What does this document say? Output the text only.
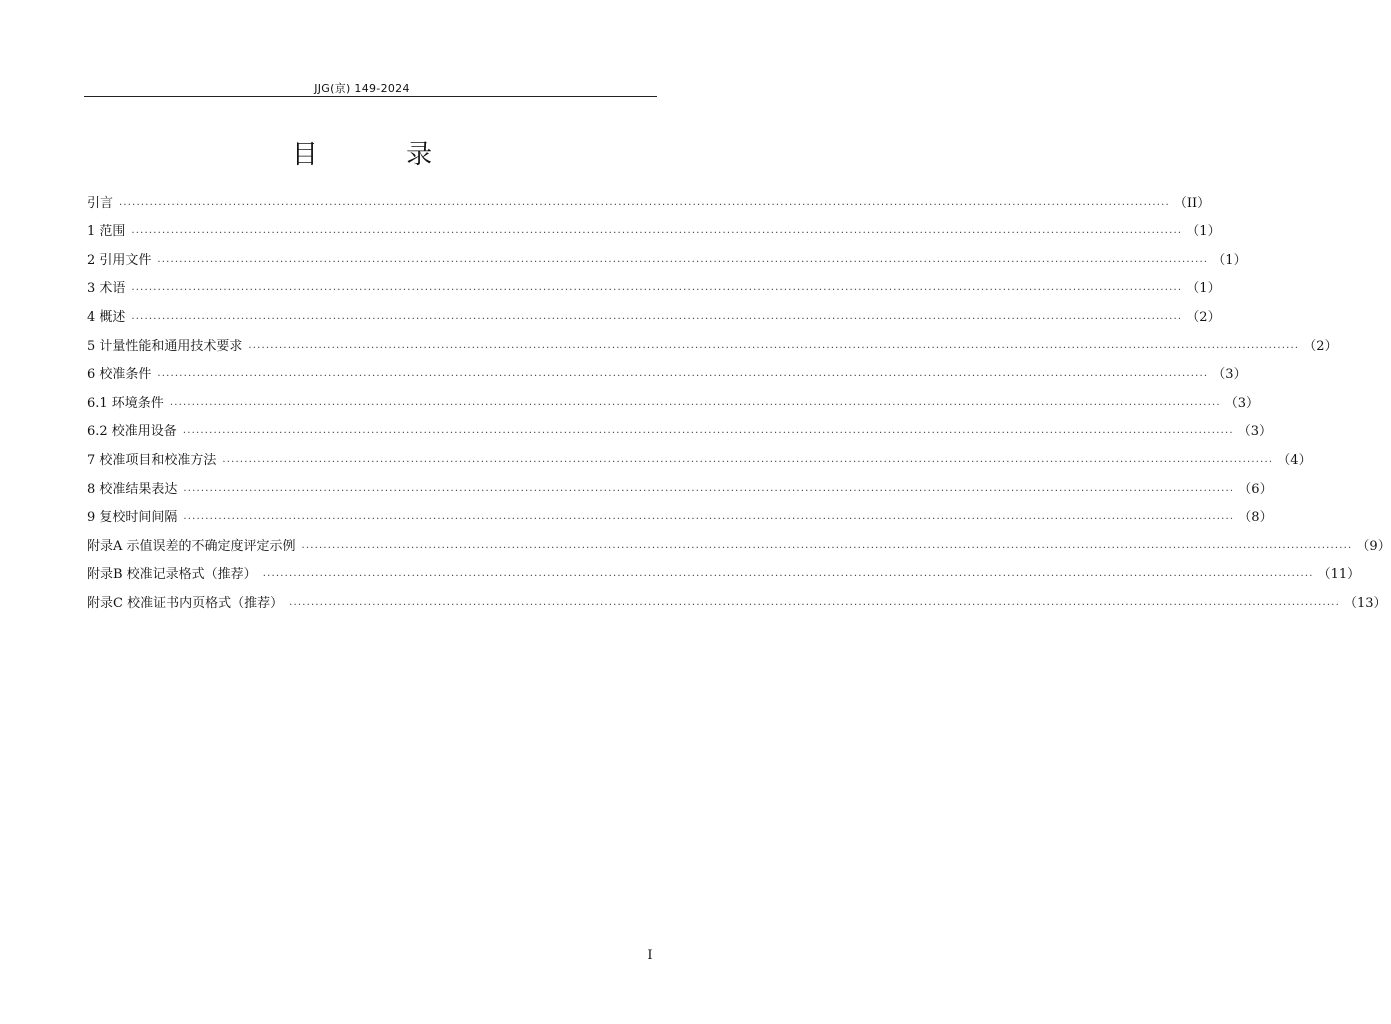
JJG(京) 149-2024
目 录
引言 ................................................................................................................................................................................................................................................ （II）
1 范围 ................................................................................................................................................................................................................................................ （1）
2 引用文件 ................................................................................................................................................................................................................................................ （1）
3 术语 ................................................................................................................................................................................................................................................ （1）
4 概述 ................................................................................................................................................................................................................................................ （2）
5 计量性能和通用技术要求 ................................................................................................................................................................................................................................................ （2）
6 校准条件 ................................................................................................................................................................................................................................................ （3）
6.1 环境条件 ................................................................................................................................................................................................................................................ （3）
6.2 校准用设备 ................................................................................................................................................................................................................................................ （3）
7 校准项目和校准方法 ................................................................................................................................................................................................................................................ （4）
8 校准结果表达 ................................................................................................................................................................................................................................................ （6）
9 复校时间间隔 ................................................................................................................................................................................................................................................ （8）
附录A 示值误差的不确定度评定示例 ................................................................................................................................................................................................................................................ （9）
附录B 校准记录格式（推荐） ................................................................................................................................................................................................................................................ （11）
附录C 校准证书内页格式（推荐） ................................................................................................................................................................................................................................................ （13）
I
